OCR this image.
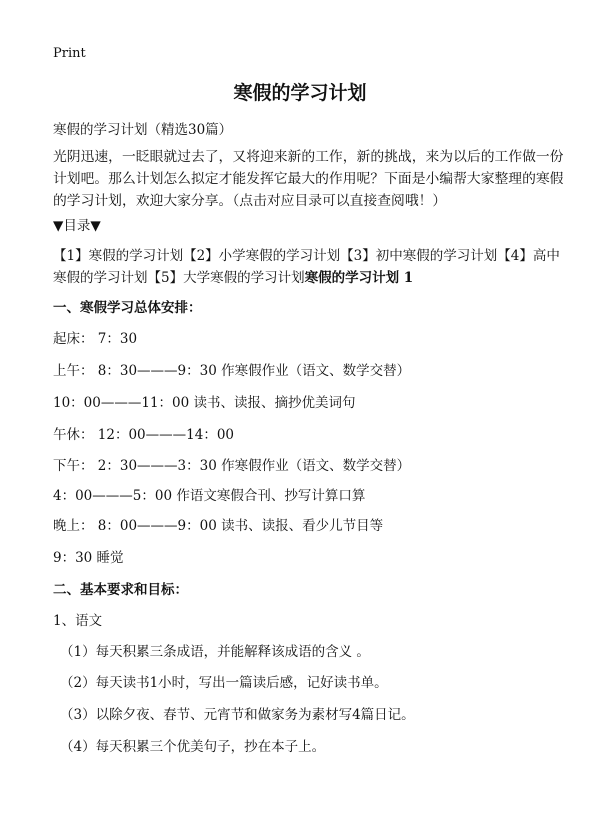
Print
寒假的学习计划
寒假的学习计划（精选30篇）
光阴迅速，一眨眼就过去了，又将迎来新的工作，新的挑战，来为以后的工作做一份计划吧。那么计划怎么拟定才能发挥它最大的作用呢？下面是小编帮大家整理的寒假的学习计划，欢迎大家分享。（点击对应目录可以直接查阅哦！）
▼目录▼
【1】寒假的学习计划【2】小学寒假的学习计划【3】初中寒假的学习计划【4】高中寒假的学习计划【5】大学寒假的学习计划寒假的学习计划 1
一、寒假学习总体安排：
起床： 7：30
上午： 8：30———9：30 作寒假作业（语文、数学交替）
10：00———11：00 读书、读报、摘抄优美词句
午休： 12：00———14：00
下午： 2：30———3：30 作寒假作业（语文、数学交替）
4：00———5：00 作语文寒假合刊、抄写计算口算
晚上： 8：00———9：00 读书、读报、看少儿节目等
9：30 睡觉
二、基本要求和目标：
1、语文
（1）每天积累三条成语，并能解释该成语的含义 。
（2）每天读书1小时，写出一篇读后感，记好读书单。
（3）以除夕夜、春节、元宵节和做家务为素材写4篇日记。
（4）每天积累三个优美句子，抄在本子上。
